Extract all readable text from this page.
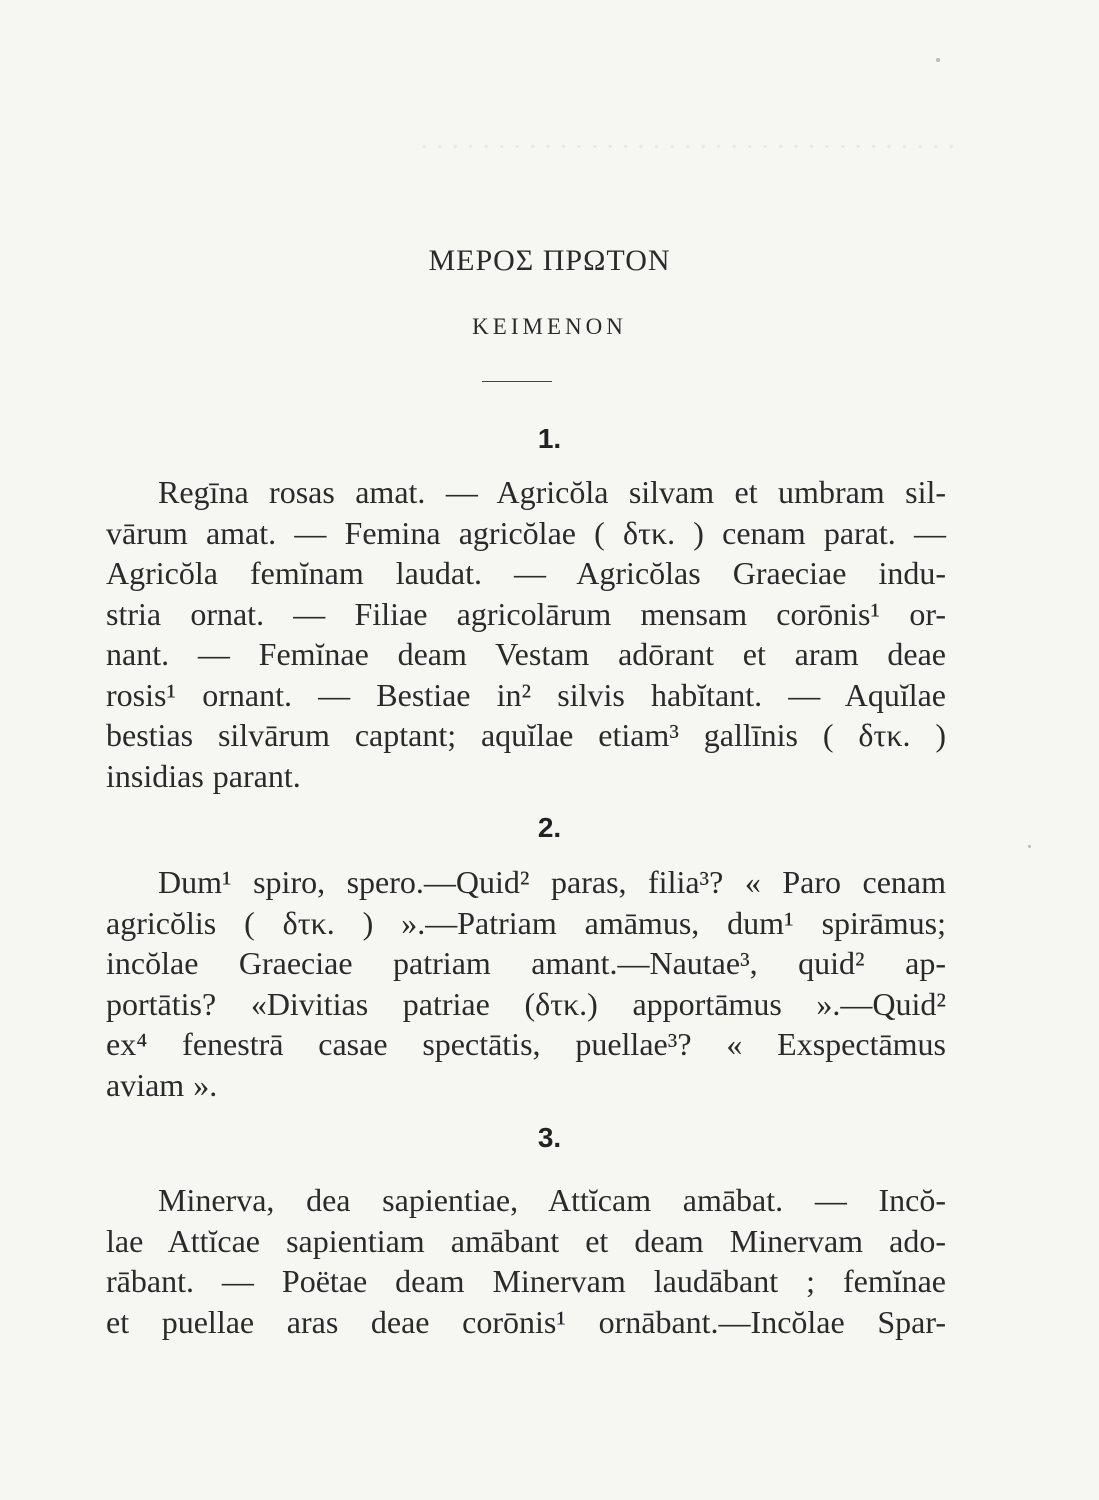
. . . . . . . . . . . . . . . . . . . . . . . . . . . . . . . . . . .

ΜΕΡΟΣ ΠΡΩΤΟΝ
ΚΕΙΜΕΝΟΝ
1.
Regīna rosas amat. — Agricŏla silvam et umbram sil-
vārum amat. — Femina agricŏlae ( δτκ. ) cenam parat. —
Agricŏla femĭnam laudat. — Agricŏlas Graeciae indu-
stria ornat. — Filiae agricolārum mensam corōnis¹ or-
nant. — Femĭnae deam Vestam adōrant et aram deae
rosis¹ ornant. — Bestiae in² silvis habĭtant. — Aquĭlae
bestias silvārum captant; aquĭlae etiam³ gallīnis ( δτκ. )
insidias parant.
2.
Dum¹ spiro, spero.—Quid² paras, filia³? « Paro cenam
agricŏlis ( δτκ. ) ».—Patriam amāmus, dum¹ spirāmus;
incŏlae Graeciae patriam amant.—Nautae³, quid² ap-
portātis? «Divitias patriae (δτκ.) apportāmus ».—Quid²
ex⁴ fenestrā casae spectātis, puellae³? « Exspectāmus
aviam ».
3.
Minerva, dea sapientiae, Attĭcam amābat. — Incŏ-
lae Attĭcae sapientiam amābant et deam Minervam ado-
rābant. — Poëtae deam Minervam laudābant ; femĭnae
et puellae aras deae corōnis¹ ornābant.—Incŏlae Spar-
